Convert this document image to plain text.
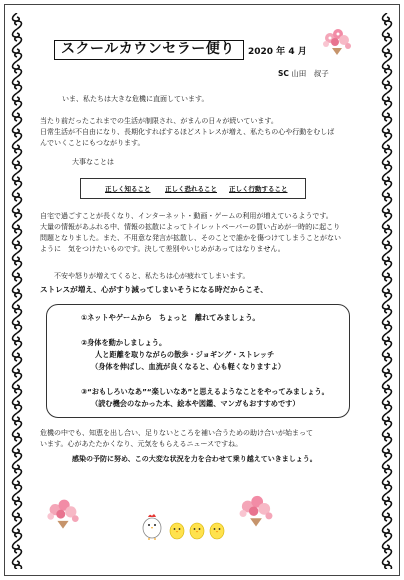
スクールカウンセラー便り	2020 年 4 月
SC 山田　叔子
いま、私たちは大きな危機に直面しています。
当たり前だったこれまでの生活が制限され、がまんの日々が続いています。
日常生活が不自由になり、長期化すればするほどストレスが増え、私たちの心や行動をむしば
んでいくことにもつながります。
大事なことは
正しく知ること 正しく恐れること 正しく行動すること
自宅で過ごすことが長くなり、インターネット・動画・ゲームの利用が増えているようです。
大量の情報があふれる中、情報の拡散によってトイレットペーパーの買い占めが一時的に起こり
問題となりました。また、不用意な発言が拡散し、そのことで誰かを傷つけてしまうことがない
ように　気をつけたいものです。決して差別やいじめがあってはなりません。
不安や怒りが増えてくると、私たちは心が疲れてしまいます。
ストレスが増え、心がすり減ってしまいそうになる時だからこそ、
①ネットやゲームから　ちょっと　離れてみましょう。
②身体を動かしましょう。
人と距離を取りながらの散歩・ジョギング・ストレッチ
（身体を伸ばし、血流が良くなると、心も軽くなりますよ）
③“おもしろいなあ”“楽しいなあ”と思えるようなことをやってみましょう。
（読む機会のなかった本、絵本や図鑑、マンガもおすすめです）
危機の中でも、知恵を出し合い、足りないところを補い合うための助け合いが始まって
います。心があたたかくなり、元気をもらえるニュースですね。
感染の予防に努め、この大変な状況を力を合わせて乗り越えていきましょう。
